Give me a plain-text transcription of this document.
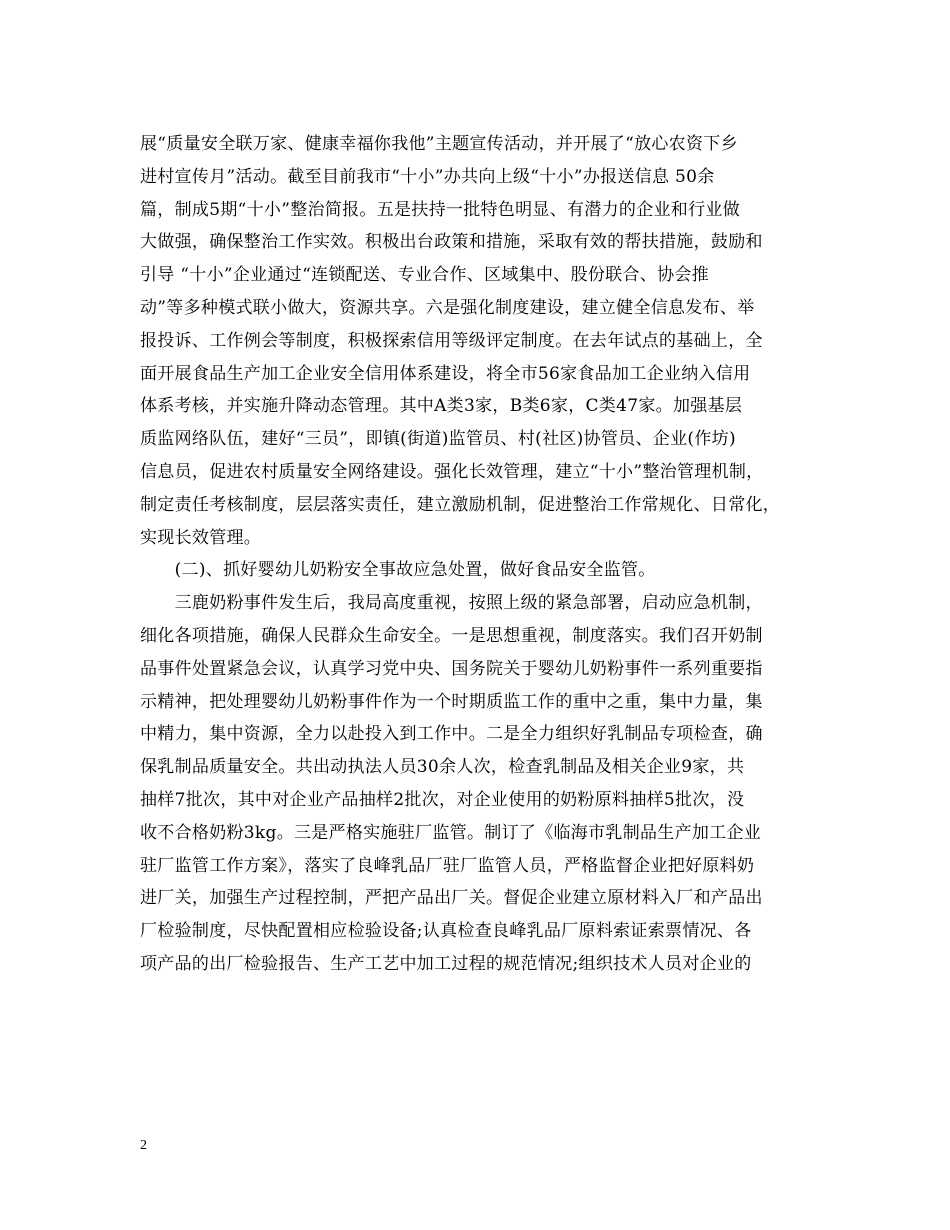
展“质量安全联万家、健康幸福你我他”主题宣传活动，并开展了“放心农资下乡
进村宣传月”活动。截至目前我市“十小”办共向上级“十小”办报送信息 50余
篇，制成5期“十小”整治简报。五是扶持一批特色明显、有潜力的企业和行业做
大做强，确保整治工作实效。积极出台政策和措施，采取有效的帮扶措施，鼓励和
引导 “十小”企业通过“连锁配送、专业合作、区域集中、股份联合、协会推
动”等多种模式联小做大，资源共享。六是强化制度建设，建立健全信息发布、举
报投诉、工作例会等制度，积极探索信用等级评定制度。在去年试点的基础上，全
面开展食品生产加工企业安全信用体系建设，将全市56家食品加工企业纳入信用
体系考核，并实施升降动态管理。其中A类3家，B类6家，C类47家。加强基层
质监网络队伍，建好“三员”，即镇(街道)监管员、村(社区)协管员、企业(作坊)
信息员，促进农村质量安全网络建设。强化长效管理，建立“十小”整治管理机制，
制定责任考核制度，层层落实责任，建立激励机制，促进整治工作常规化、日常化，
实现长效管理。
　　(二)、抓好婴幼儿奶粉安全事故应急处置，做好食品安全监管。
　　三鹿奶粉事件发生后，我局高度重视，按照上级的紧急部署，启动应急机制，
细化各项措施，确保人民群众生命安全。一是思想重视，制度落实。我们召开奶制
品事件处置紧急会议，认真学习党中央、国务院关于婴幼儿奶粉事件一系列重要指
示精神，把处理婴幼儿奶粉事件作为一个时期质监工作的重中之重，集中力量，集
中精力，集中资源，全力以赴投入到工作中。二是全力组织好乳制品专项检查，确
保乳制品质量安全。共出动执法人员30余人次，检查乳制品及相关企业9家，共
抽样7批次，其中对企业产品抽样2批次，对企业使用的奶粉原料抽样5批次，没
收不合格奶粉3kg。三是严格实施驻厂监管。制订了《临海市乳制品生产加工企业
驻厂监管工作方案》，落实了良峰乳品厂驻厂监管人员，严格监督企业把好原料奶
进厂关，加强生产过程控制，严把产品出厂关。督促企业建立原材料入厂和产品出
厂检验制度，尽快配置相应检验设备;认真检查良峰乳品厂原料索证索票情况、各
项产品的出厂检验报告、生产工艺中加工过程的规范情况;组织技术人员对企业的
2
